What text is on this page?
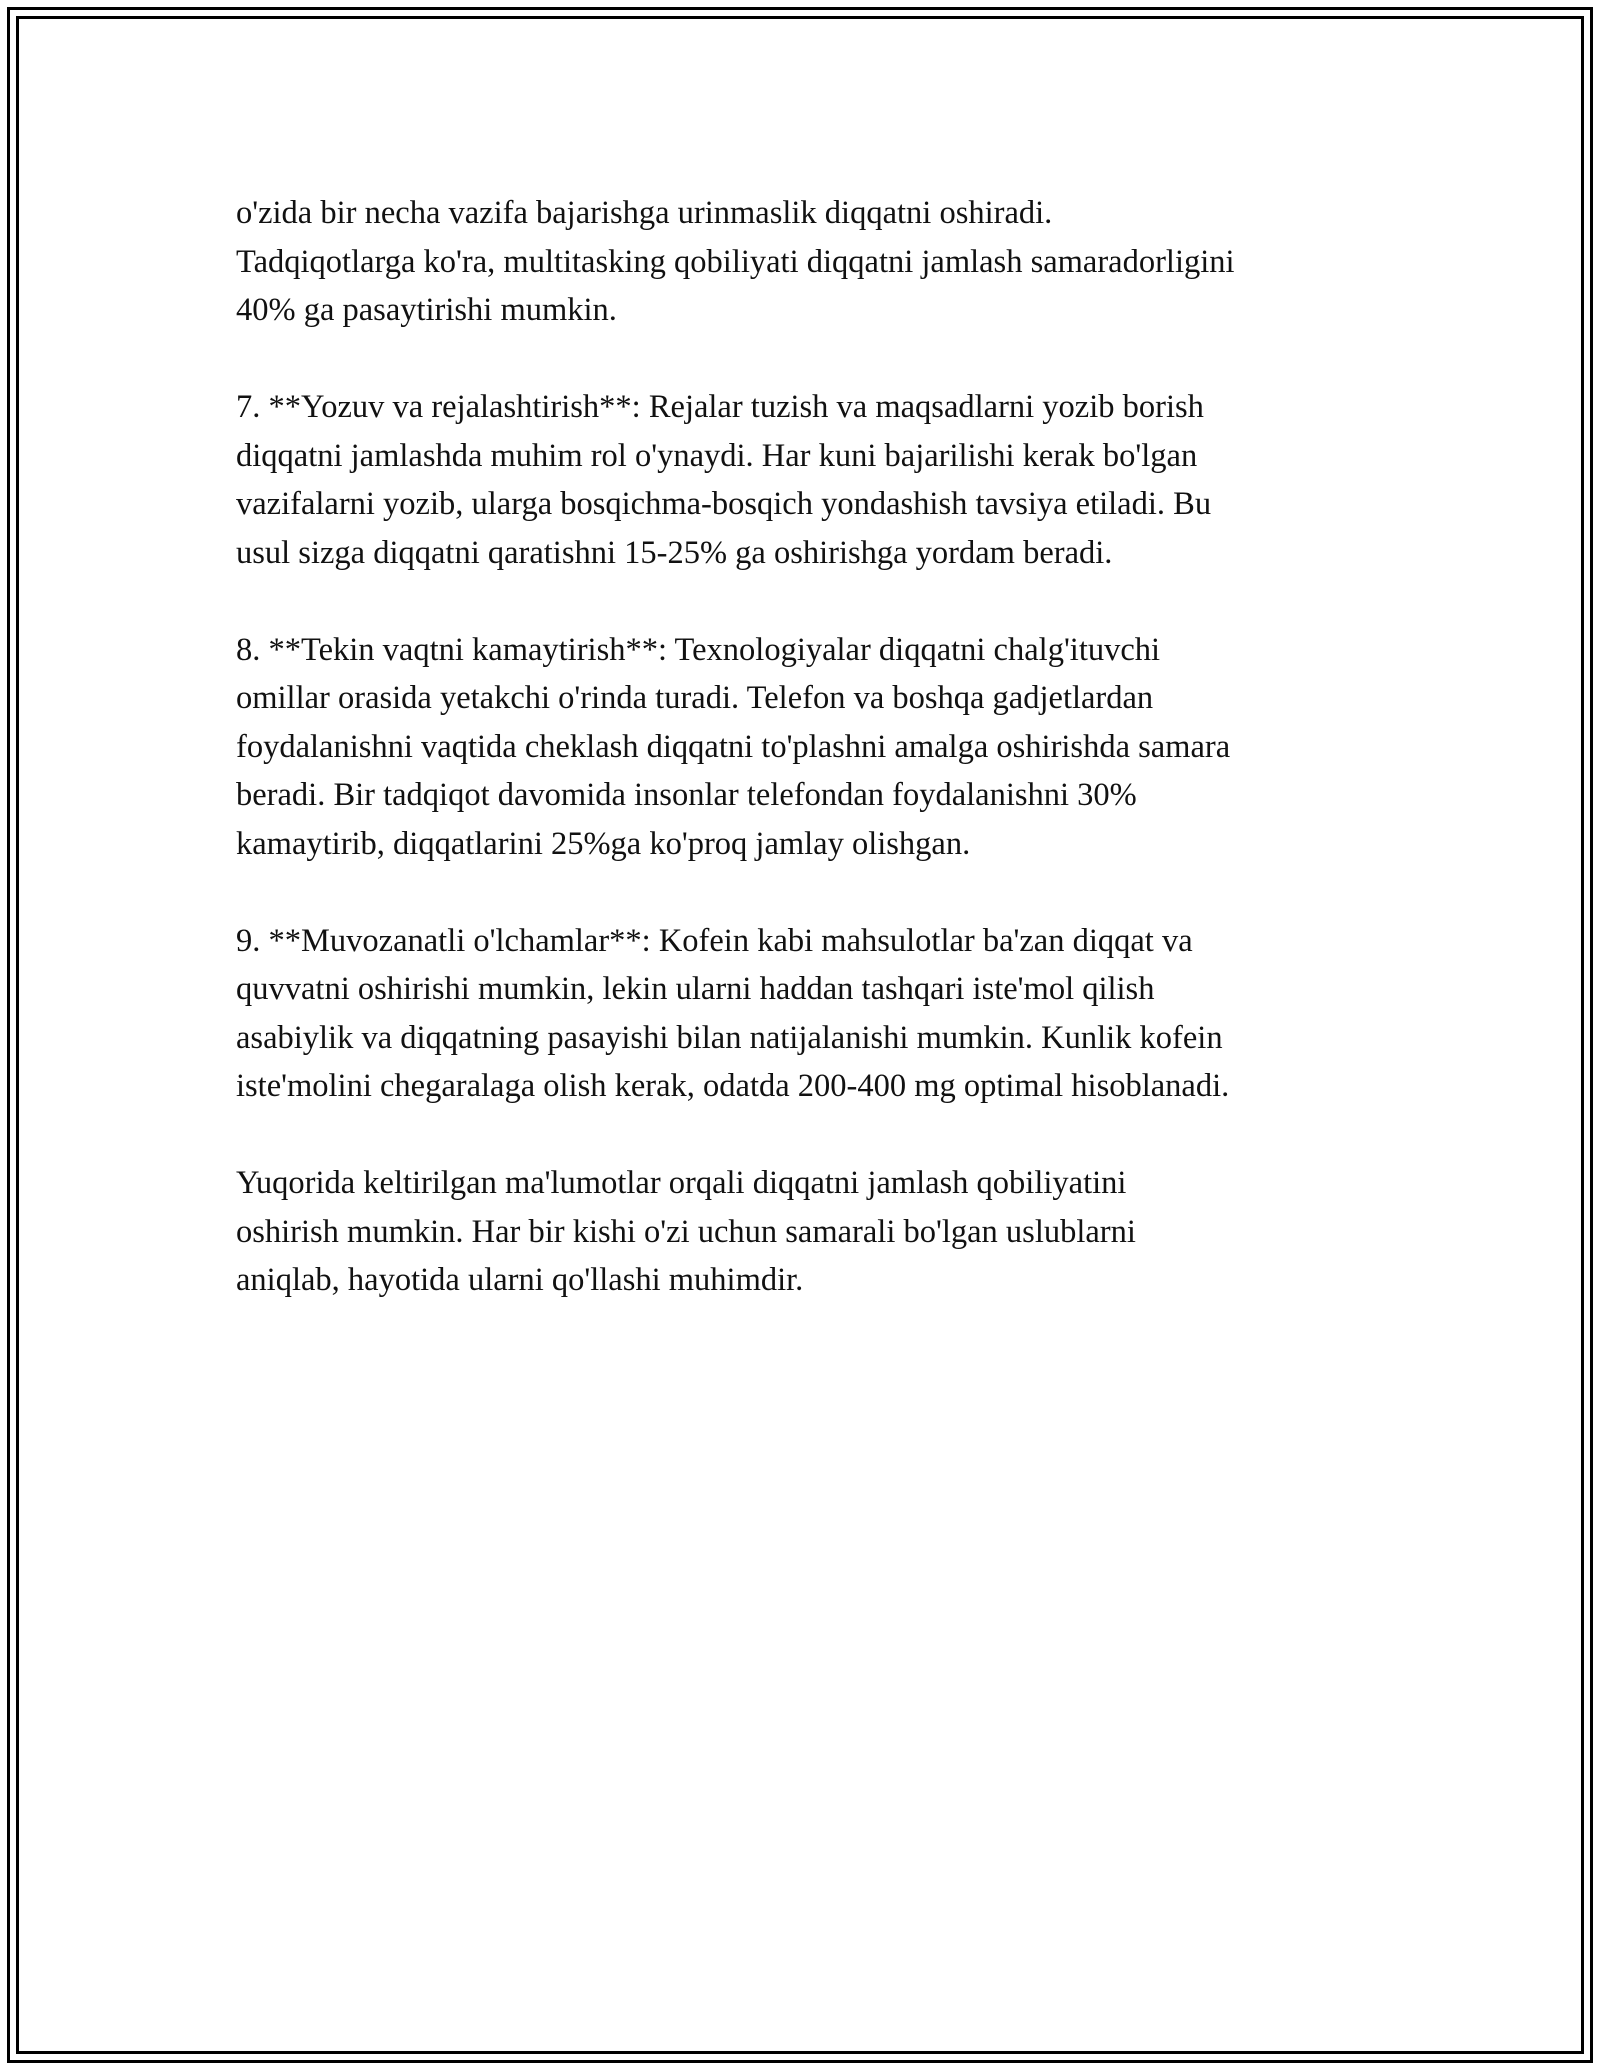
o'zida bir necha vazifa bajarishga urinmaslik diqqatni oshiradi.
Tadqiqotlarga ko'ra, multitasking qobiliyati diqqatni jamlash samaradorligini
40% ga pasaytirishi mumkin.

7. **Yozuv va rejalashtirish**: Rejalar tuzish va maqsadlarni yozib borish
diqqatni jamlashda muhim rol o'ynaydi. Har kuni bajarilishi kerak bo'lgan
vazifalarni yozib, ularga bosqichma-bosqich yondashish tavsiya etiladi. Bu
usul sizga diqqatni qaratishni 15-25% ga oshirishga yordam beradi.

8. **Tekin vaqtni kamaytirish**: Texnologiyalar diqqatni chalg'ituvchi
omillar orasida yetakchi o'rinda turadi. Telefon va boshqa gadjetlardan
foydalanishni vaqtida cheklash diqqatni to'plashni amalga oshirishda samara
beradi. Bir tadqiqot davomida insonlar telefondan foydalanishni 30%
kamaytirib, diqqatlarini 25%ga ko'proq jamlay olishgan.

9. **Muvozanatli o'lchamlar**: Kofein kabi mahsulotlar ba'zan diqqat va
quvvatni oshirishi mumkin, lekin ularni haddan tashqari iste'mol qilish
asabiylik va diqqatning pasayishi bilan natijalanishi mumkin. Kunlik kofein
iste'molini chegaralaga olish kerak, odatda 200-400 mg optimal hisoblanadi.

Yuqorida keltirilgan ma'lumotlar orqali diqqatni jamlash qobiliyatini
oshirish mumkin. Har bir kishi o'zi uchun samarali bo'lgan uslublarni
aniqlab, hayotida ularni qo'llashi muhimdir.
